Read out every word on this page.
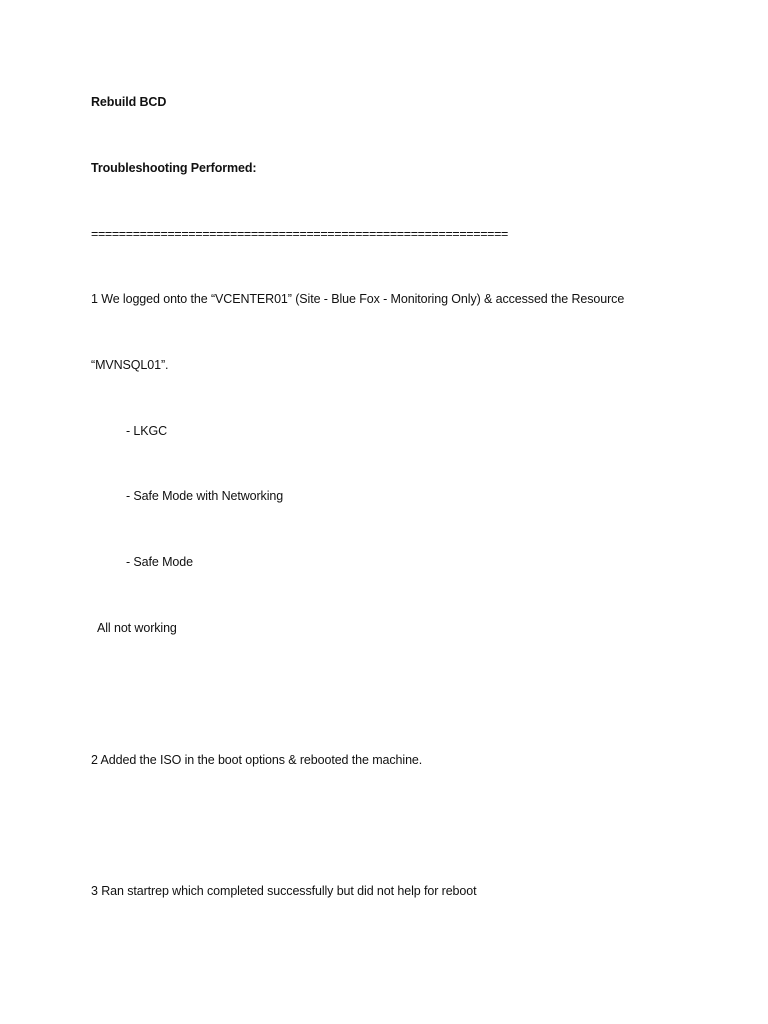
Rebuild BCD
Troubleshooting Performed:
============================================================
1 We logged onto the “VCENTER01” (Site - Blue Fox - Monitoring Only) & accessed the Resource
“MVNSQL01”.
- LKGC
- Safe Mode with Networking
- Safe Mode
All not working
2 Added the ISO in the boot options & rebooted the machine.
3 Ran startrep which completed successfully but did not help for reboot
